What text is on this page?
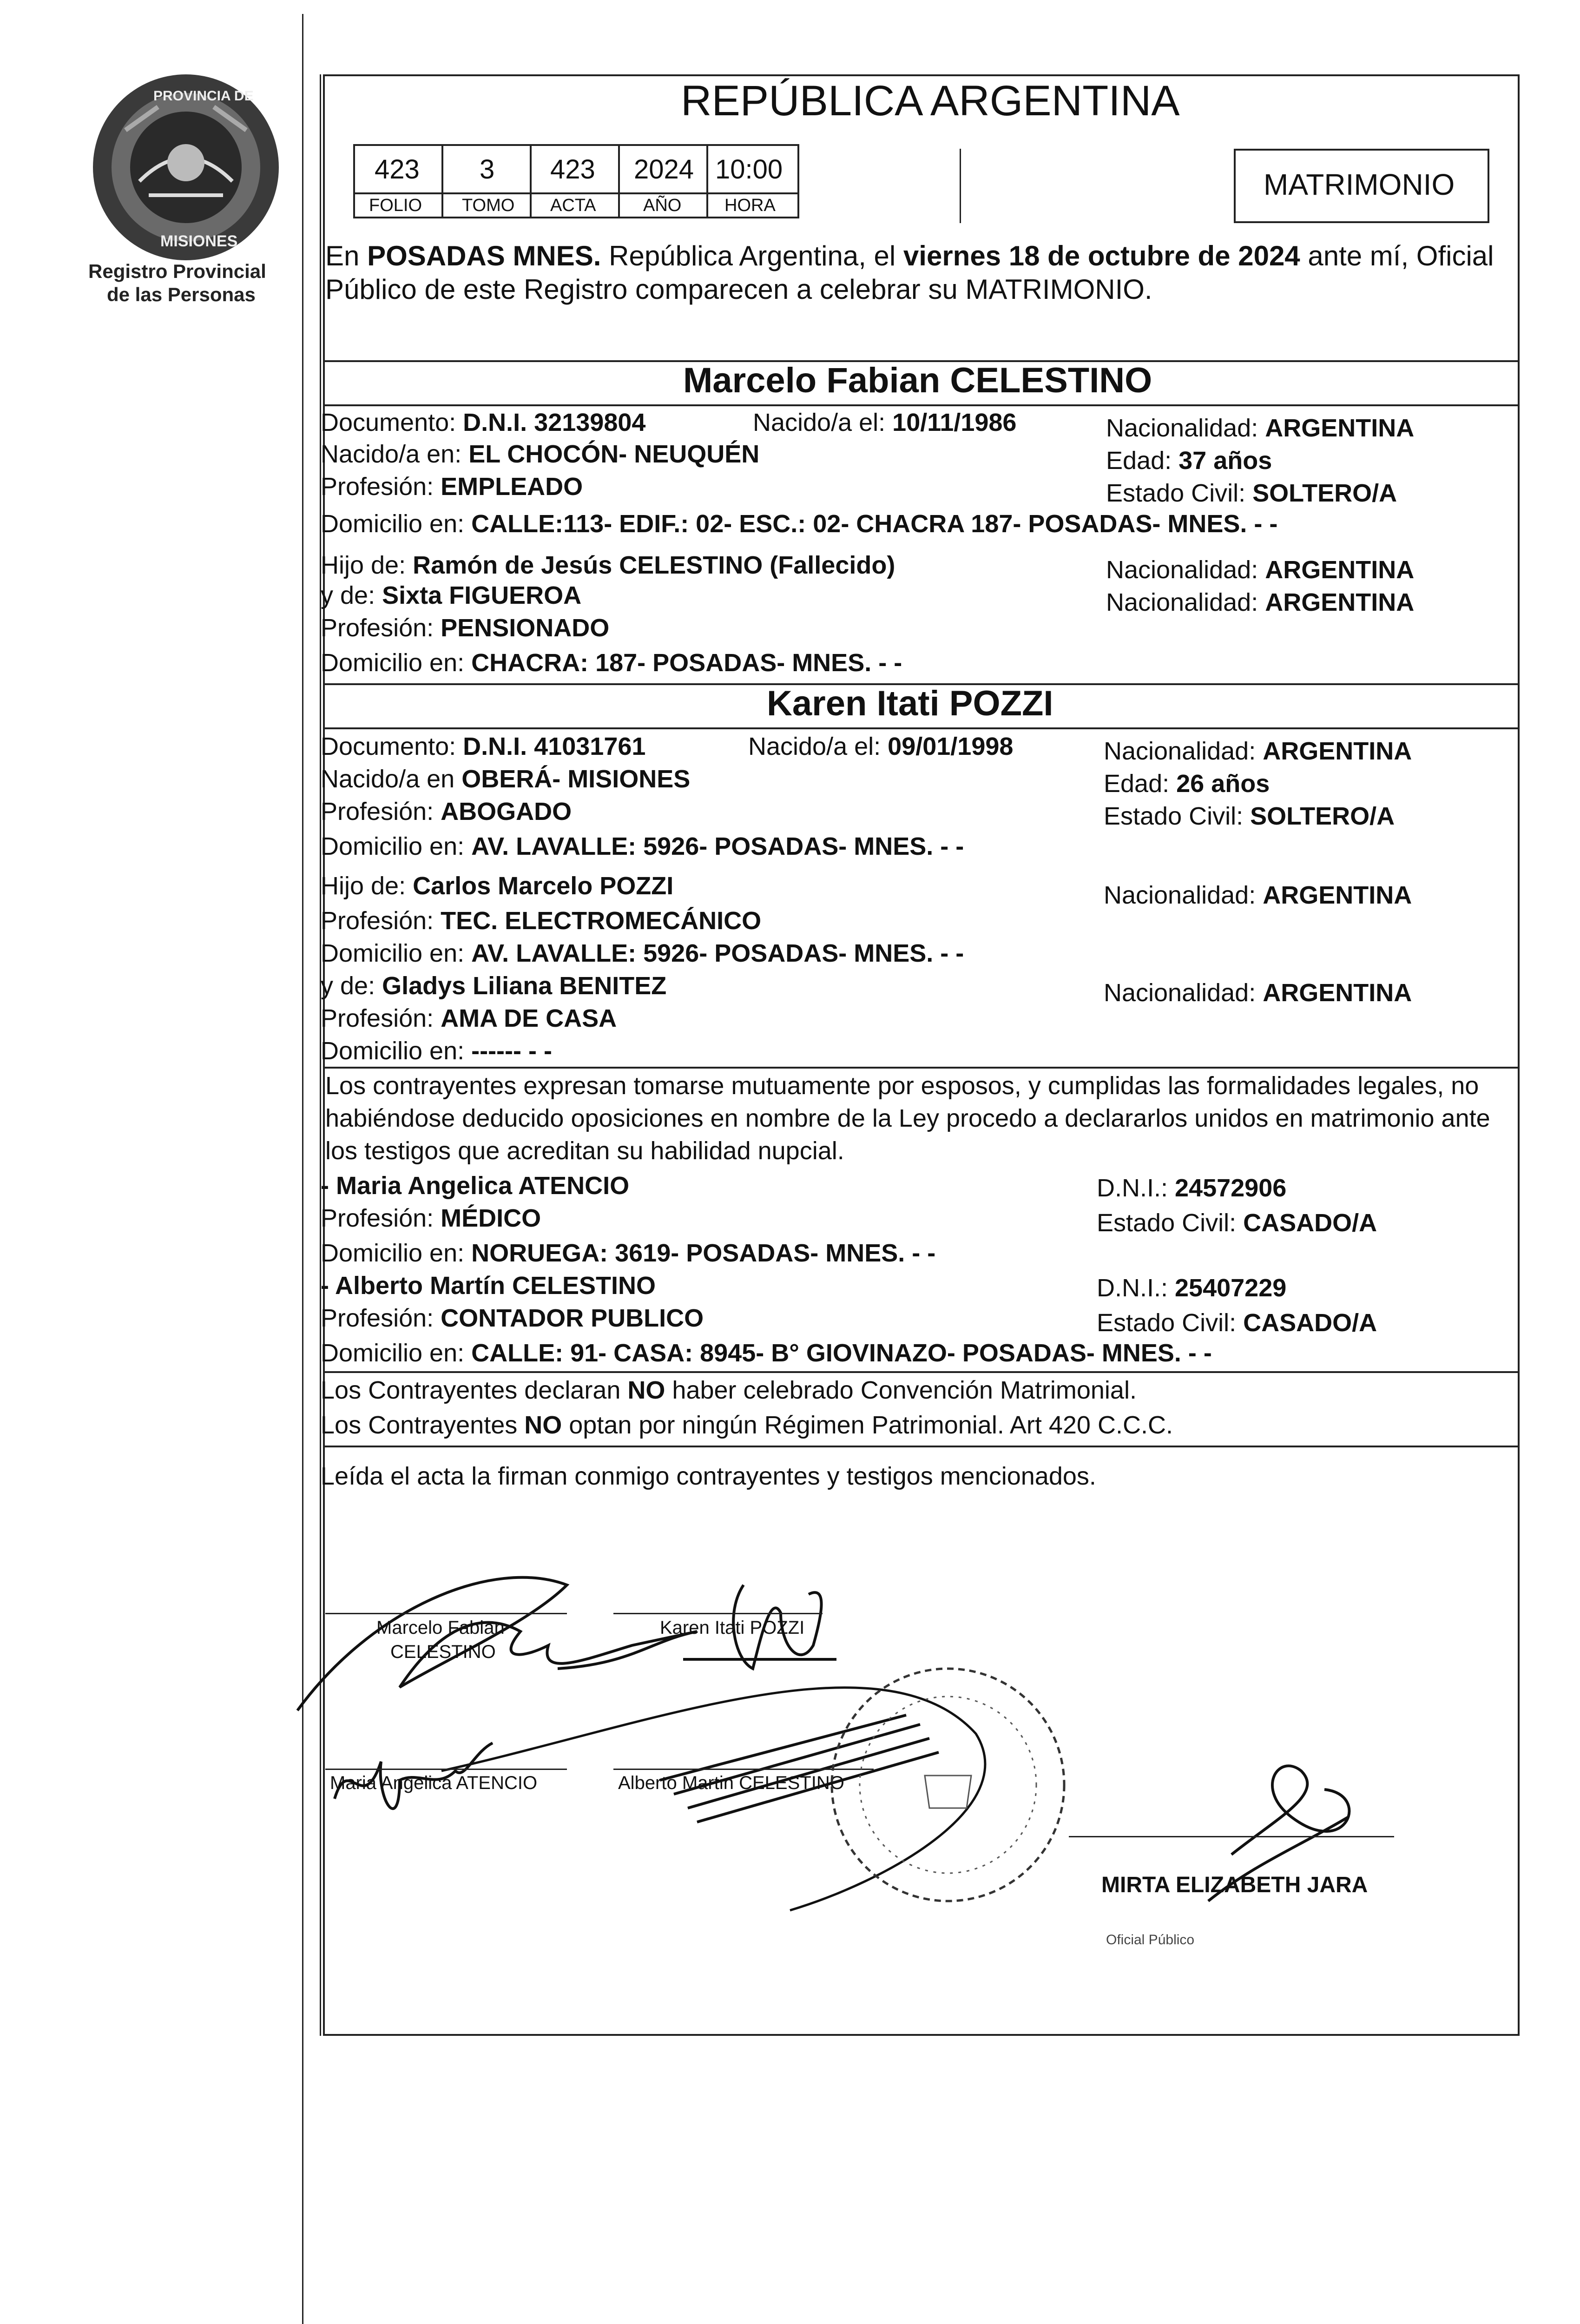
PROVINCIA DE
MISIONES
Registro Provincial
de las Personas
REPÚBLICA ARGENTINA
423 3 423 2024 10:00
FOLIO TOMO ACTA	AÑO HORA
MATRIMONIO
En POSADAS MNES. República Argentina, el viernes 18 de octubre de 2024 ante mí, Oficial
Público de este Registro comparecen a celebrar su MATRIMONIO.
Marcelo Fabian CELESTINO
Documento: D.N.I. 32139804	Nacido/a el: 10/11/1986	Nacionalidad: ARGENTINA
Nacido/a en: EL CHOCÓN- NEUQUÉN	Edad: 37 años
Profesión: EMPLEADO	Estado Civil: SOLTERO/A
Domicilio en: CALLE:113- EDIF.: 02- ESC.: 02- CHACRA 187- POSADAS- MNES. - -
Hijo de: Ramón de Jesús CELESTINO (Fallecido)	Nacionalidad: ARGENTINA
y de: Sixta FIGUEROA	Nacionalidad: ARGENTINA
Profesión: PENSIONADO
Domicilio en: CHACRA: 187- POSADAS- MNES. - -
Karen Itati POZZI
Documento: D.N.I. 41031761	Nacido/a el: 09/01/1998	Nacionalidad: ARGENTINA
Nacido/a en OBERÁ- MISIONES	Edad: 26 años
Profesión: ABOGADO	Estado Civil: SOLTERO/A
Domicilio en: AV. LAVALLE: 5926- POSADAS- MNES. - -
Hijo de: Carlos Marcelo POZZI	Nacionalidad: ARGENTINA
Profesión: TEC. ELECTROMECÁNICO
Domicilio en: AV. LAVALLE: 5926- POSADAS- MNES. - -
y de: Gladys Liliana BENITEZ	Nacionalidad: ARGENTINA
Profesión: AMA DE CASA
Domicilio en: ------ - -
Los contrayentes expresan tomarse mutuamente por esposos, y cumplidas las formalidades legales, no
habiéndose deducido oposiciones en nombre de la Ley procedo a declararlos unidos en matrimonio ante
los testigos que acreditan su habilidad nupcial.
- Maria Angelica ATENCIO	D.N.I.: 24572906
Profesión: MÉDICO	Estado Civil: CASADO/A
Domicilio en: NORUEGA: 3619- POSADAS- MNES. - -
- Alberto Martín CELESTINO	D.N.I.: 25407229
Profesión: CONTADOR PUBLICO	Estado Civil: CASADO/A
Domicilio en: CALLE: 91- CASA: 8945- B° GIOVINAZO- POSADAS- MNES. - -
Los Contrayentes declaran NO haber celebrado Convención Matrimonial.
Los Contrayentes NO optan por ningún Régimen Patrimonial. Art 420 C.C.C.
Leída el acta la firman conmigo contrayentes y testigos mencionados.
Marcelo Fabian
CELESTINO
Karen Itati POZZI
Maria Angelica ATENCIO	Alberto Martin CELESTINO
MIRTA ELIZABETH JARA
Oficial Público
